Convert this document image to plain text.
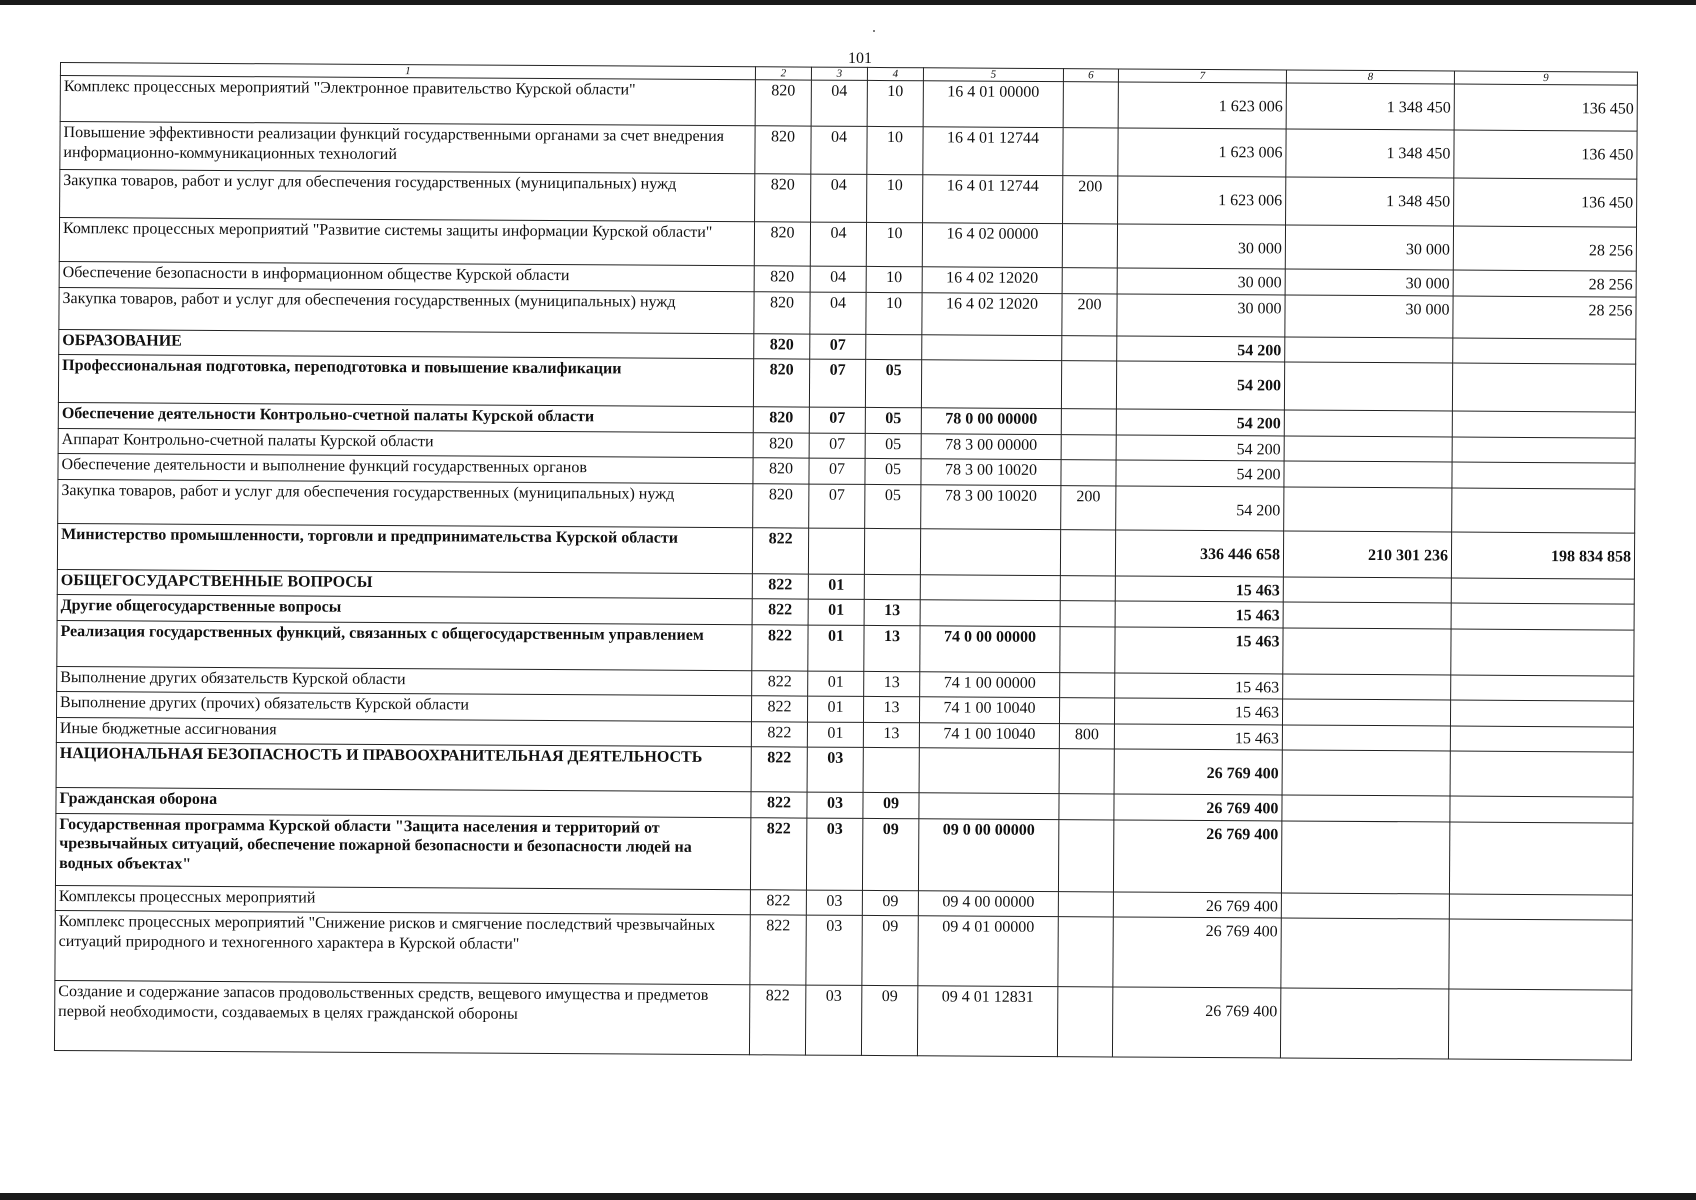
101
1	2	3	4	5	6	7	8	9
Комплекс процессных мероприятий "Электронное правительство Курской области"	820	04	10	16 4 01 00000		1 623 006	1 348 450	136 450
Повышение эффективности реализации функций государственными органами за счет внедрения информационно-коммуникационных технологий	820	04	10	16 4 01 12744		1 623 006	1 348 450	136 450
Закупка товаров, работ и услуг для обеспечения государственных (муниципальных) нужд	820	04	10	16 4 01 12744	200	1 623 006	1 348 450	136 450
Комплекс процессных мероприятий "Развитие системы защиты информации Курской области"	820	04	10	16 4 02 00000		30 000	30 000	28 256
Обеспечение безопасности в информационном обществе Курской области	820	04	10	16 4 02 12020		30 000	30 000	28 256
Закупка товаров, работ и услуг для обеспечения государственных (муниципальных) нужд	820	04	10	16 4 02 12020	200	30 000	30 000	28 256
ОБРАЗОВАНИЕ	820	07				54 200		
Профессиональная подготовка, переподготовка и повышение квалификации	820	07	05			54 200		
Обеспечение деятельности Контрольно-счетной палаты Курской области	820	07	05	78 0 00 00000		54 200		
Аппарат Контрольно-счетной палаты Курской области	820	07	05	78 3 00 00000		54 200		
Обеспечение деятельности и выполнение функций государственных органов	820	07	05	78 3 00 10020		54 200		
Закупка товаров, работ и услуг для обеспечения государственных (муниципальных) нужд	820	07	05	78 3 00 10020	200	54 200		
Министерство промышленности, торговли и предпринимательства Курской области	822					336 446 658	210 301 236	198 834 858
ОБЩЕГОСУДАРСТВЕННЫЕ ВОПРОСЫ	822	01				15 463		
Другие общегосударственные вопросы	822	01	13			15 463		
Реализация государственных функций, связанных с общегосударственным управлением	822	01	13	74 0 00 00000		15 463		
Выполнение других обязательств Курской области	822	01	13	74 1 00 00000		15 463		
Выполнение других (прочих) обязательств Курской области	822	01	13	74 1 00 10040		15 463		
Иные бюджетные ассигнования	822	01	13	74 1 00 10040	800	15 463		
НАЦИОНАЛЬНАЯ БЕЗОПАСНОСТЬ И ПРАВООХРАНИТЕЛЬНАЯ ДЕЯТЕЛЬНОСТЬ	822	03				26 769 400		
Гражданская оборона	822	03	09			26 769 400		
Государственная программа Курской области "Защита населения и территорий от чрезвычайных ситуаций, обеспечение пожарной безопасности и безопасности людей на водных объектах"	822	03	09	09 0 00 00000		26 769 400		
Комплексы процессных мероприятий	822	03	09	09 4 00 00000		26 769 400		
Комплекс процессных мероприятий "Снижение рисков и смягчение последствий чрезвычайных ситуаций природного и техногенного характера в Курской области"	822	03	09	09 4 01 00000		26 769 400		
Создание и содержание запасов продовольственных средств, вещевого имущества и предметов первой необходимости, создаваемых в целях гражданской обороны	822	03	09	09 4 01 12831		26 769 400		
